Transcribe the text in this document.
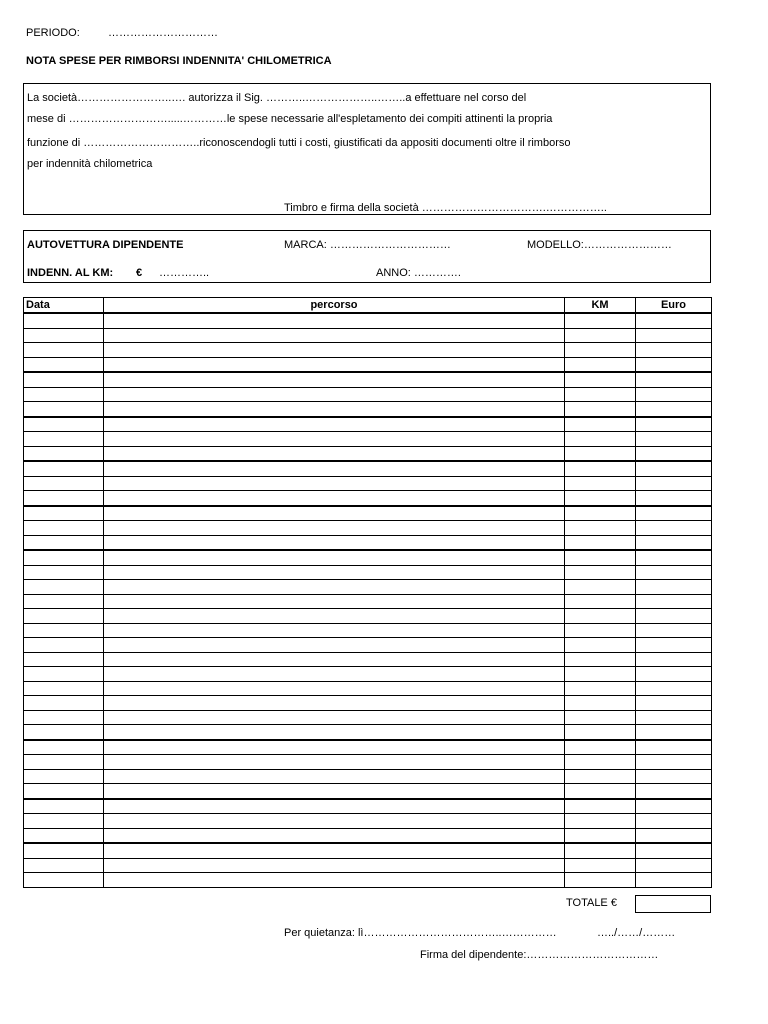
PERIODO:	…………………………
NOTA SPESE PER RIMBORSI INDENNITA' CHILOMETRICA
La società……………………..…. autorizza il Sig. ………..………………..……..a effettuare nel corso del
mese di ……………………….....…………le spese necessarie all'espletamento dei compiti attinenti la propria
funzione di …………………………..riconoscendogli tutti i costi, giustificati da appositi documenti oltre il rimborso
per indennità chilometrica
Timbro e firma della società …………………………….……………..
AUTOVETTURA DIPENDENTE	MARCA: ……………………………	MODELLO:……………………
INDENN. AL KM: € …………..	ANNO: ………….
Data	percorso	KM	Euro

TOTALE €
Per quietanza: lì………………………………..……………	…../……/………
Firma del dipendente:………………………………
